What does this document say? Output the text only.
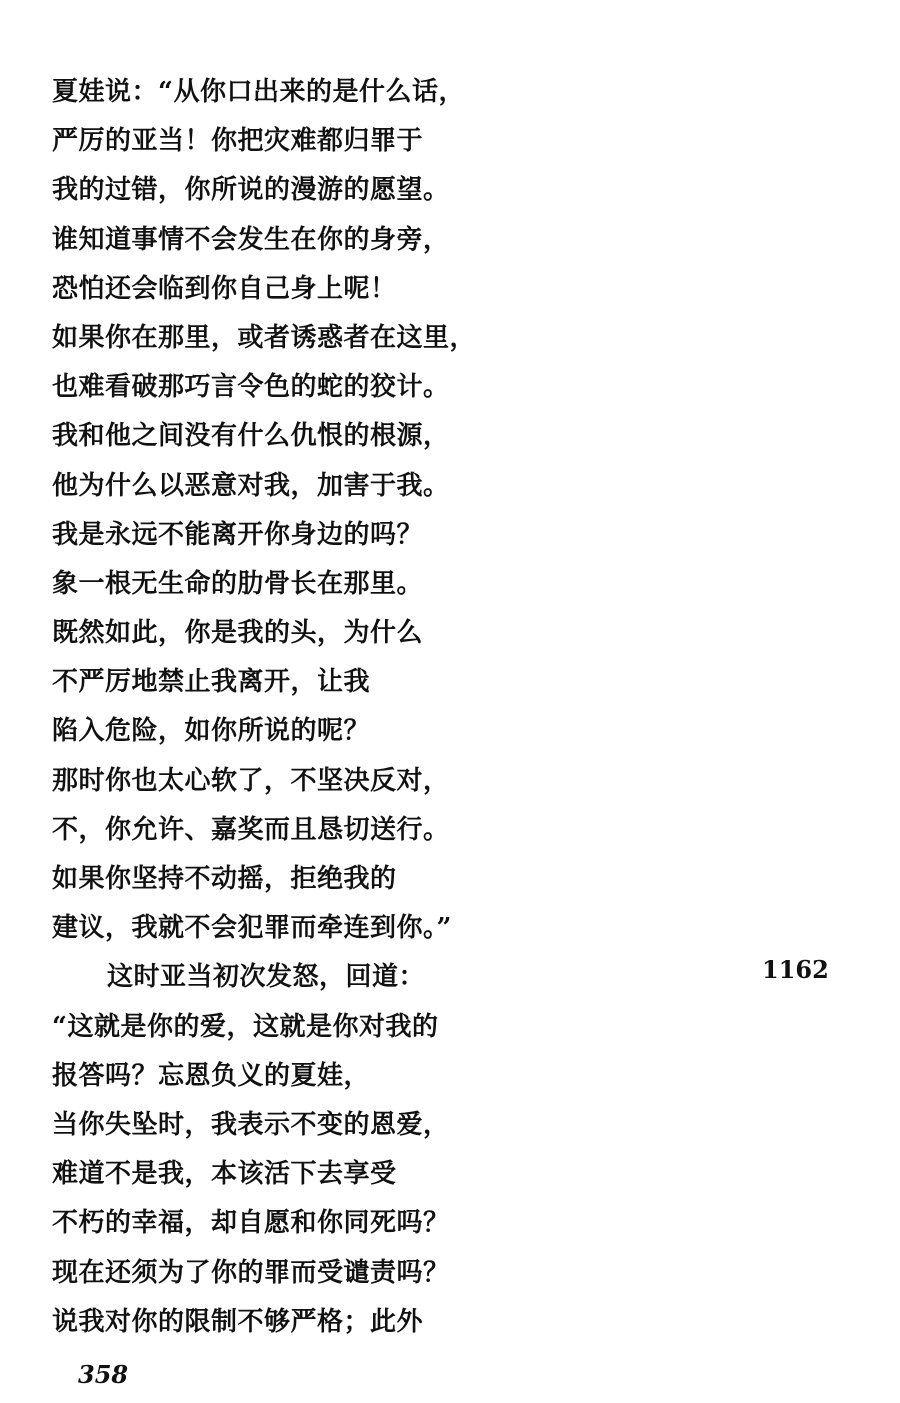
夏娃说：“从你口出来的是什么话，
严厉的亚当！你把灾难都归罪于
我的过错，你所说的漫游的愿望。
谁知道事情不会发生在你的身旁，
恐怕还会临到你自己身上呢！
如果你在那里，或者诱惑者在这里，
也难看破那巧言令色的蛇的狡计。
我和他之间没有什么仇恨的根源，
他为什么以恶意对我，加害于我。
我是永远不能离开你身边的吗？
象一根无生命的肋骨长在那里。
既然如此，你是我的头，为什么
不严厉地禁止我离开，让我
陷入危险，如你所说的呢？
那时你也太心软了，不坚决反对，
不，你允许、嘉奖而且恳切送行。
如果你坚持不动摇，拒绝我的
建议，我就不会犯罪而牵连到你。”
这时亚当初次发怒，回道：
“这就是你的爱，这就是你对我的
报答吗？忘恩负义的夏娃，
当你失坠时，我表示不变的恩爱，
难道不是我，本该活下去享受
不朽的幸福，却自愿和你同死吗？
现在还须为了你的罪而受谴责吗？
说我对你的限制不够严格；此外
1162
358
